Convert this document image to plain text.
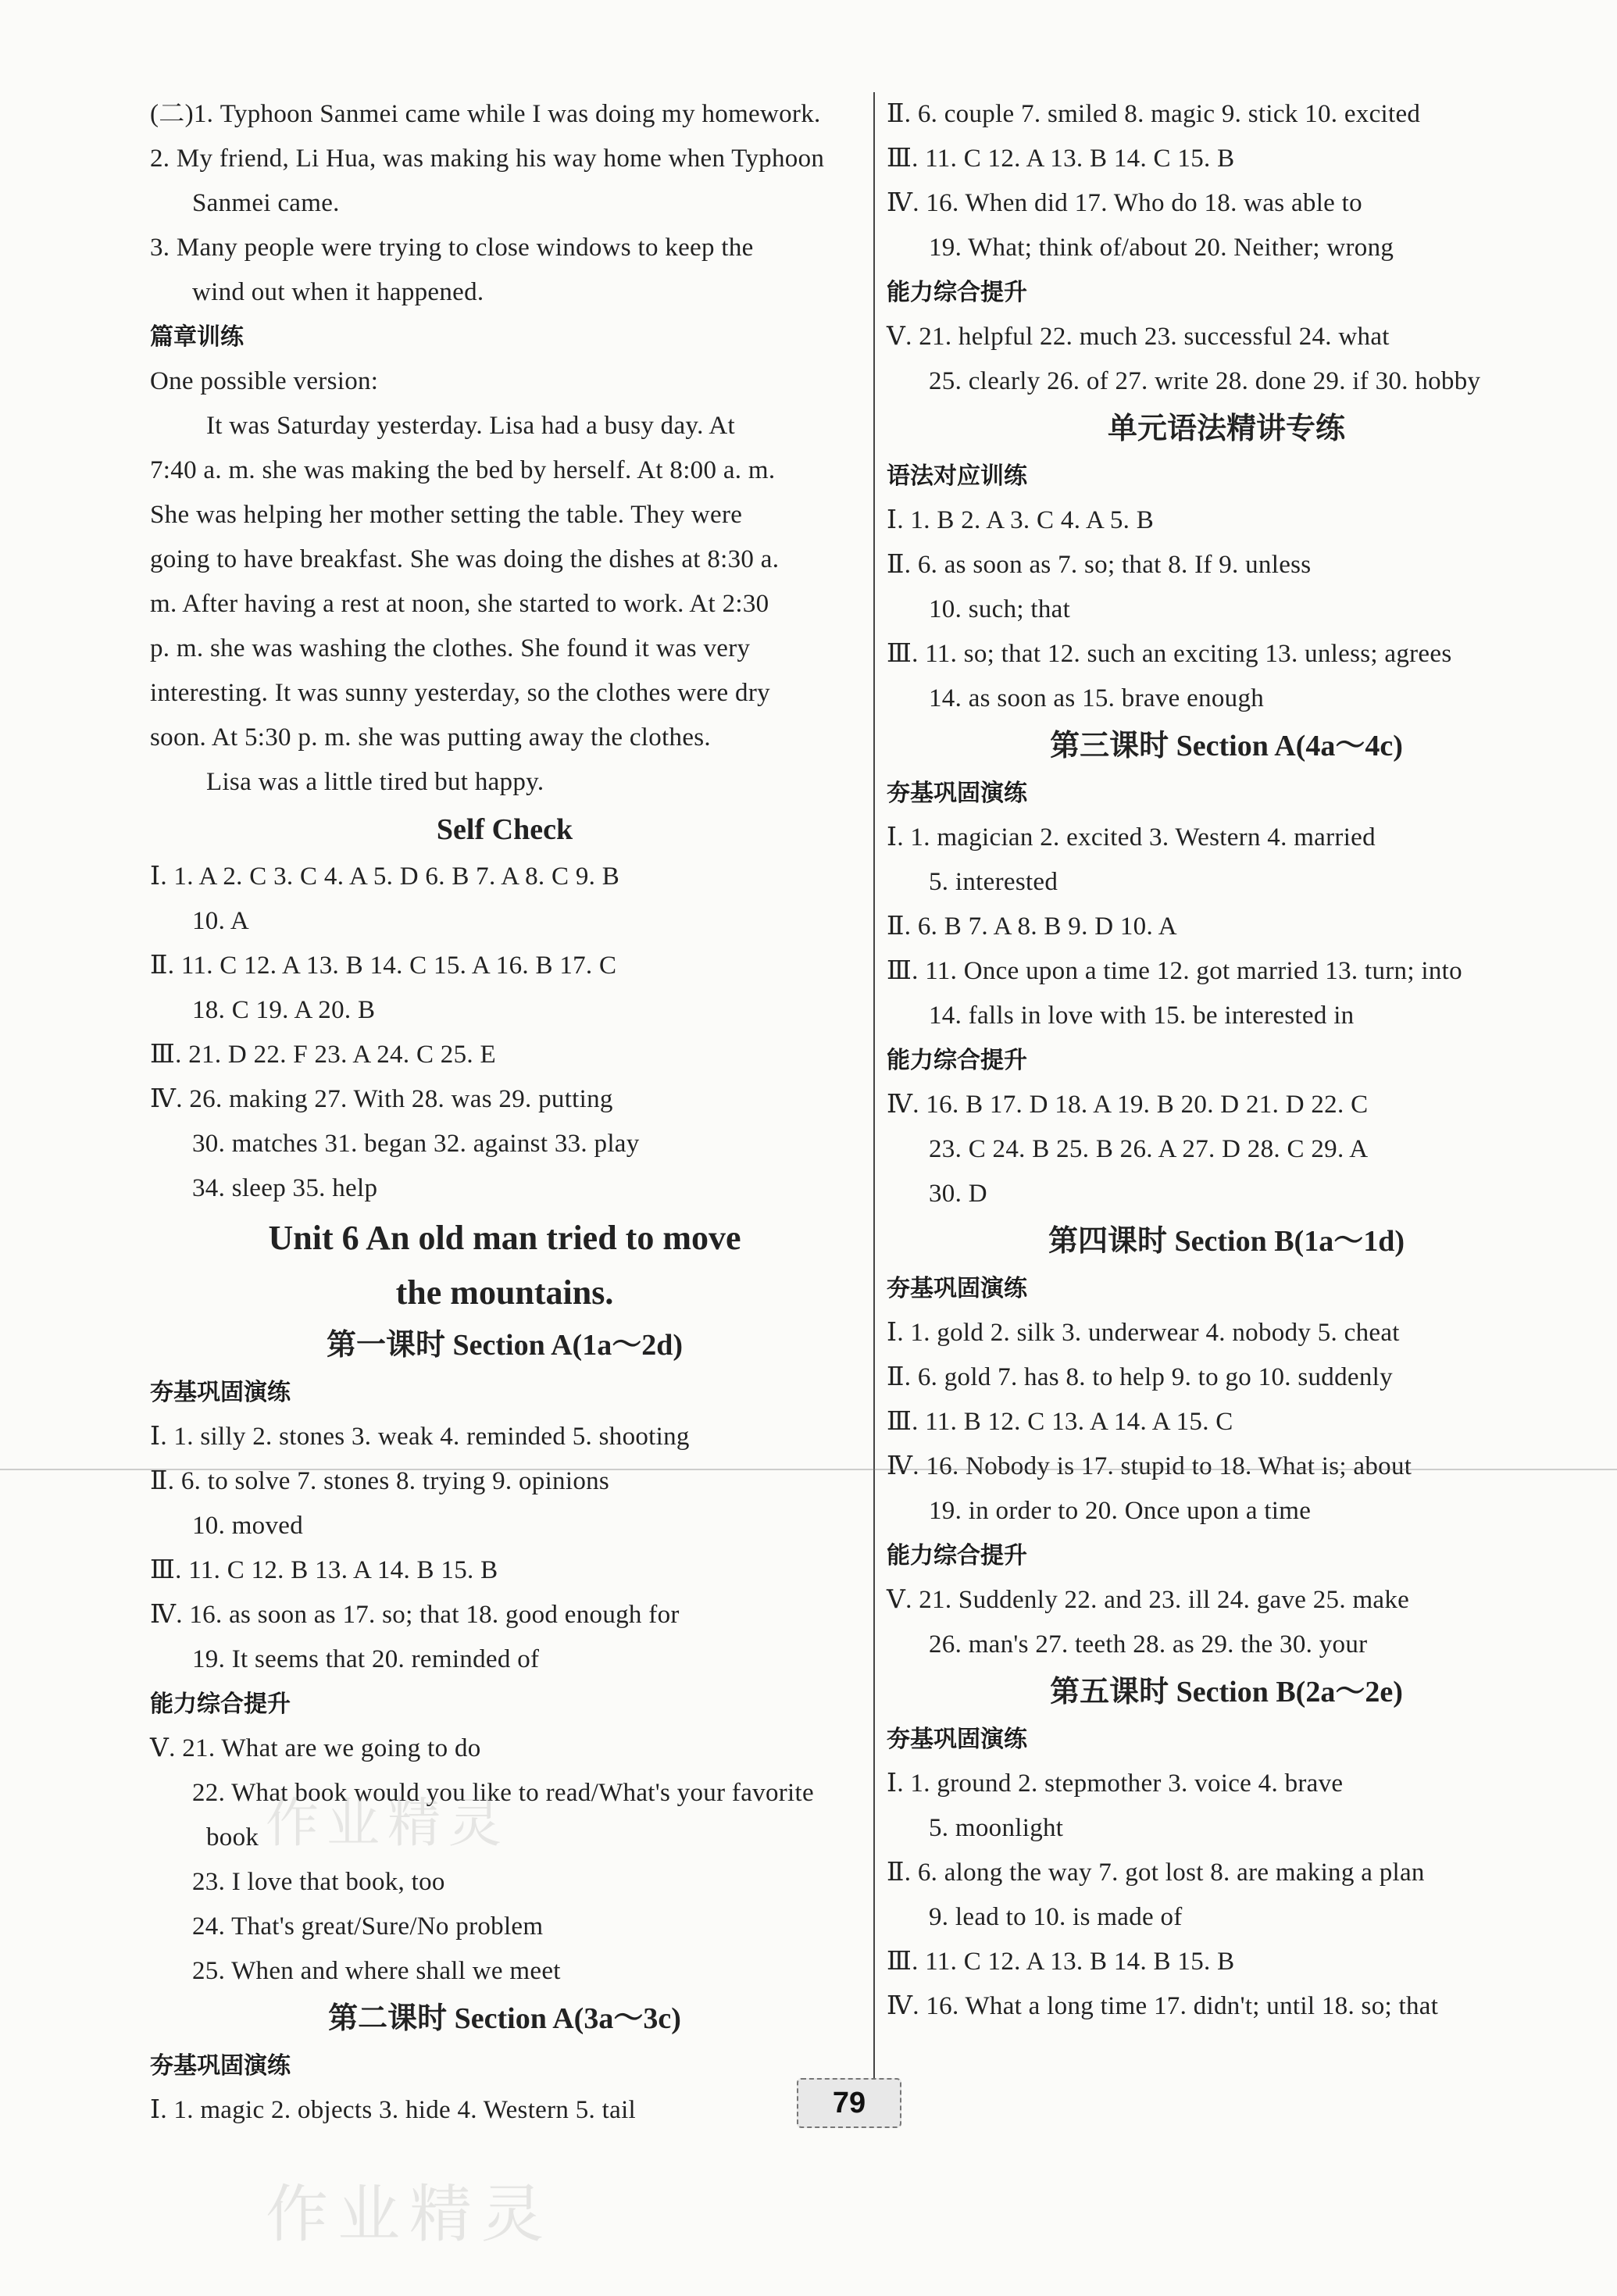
(二)1. Typhoon Sanmei came while I was doing my homework.
2. My friend, Li Hua, was making his way home when Typhoon
Sanmei came.
3. Many people were trying to close windows to keep the
wind out when it happened.
篇章训练
One possible version:
It was Saturday yesterday. Lisa had a busy day. At
7:40 a. m. she was making the bed by herself. At 8:00 a. m.
She was helping her mother setting the table. They were
going to have breakfast. She was doing the dishes at 8:30 a.
m. After having a rest at noon, she started to work. At 2:30
p. m. she was washing the clothes. She found it was very
interesting. It was sunny yesterday, so the clothes were dry
soon. At 5:30 p. m. she was putting away the clothes.
Lisa was a little tired but happy.
Self Check
Ⅰ. 1. A 2. C 3. C 4. A 5. D 6. B 7. A 8. C 9. B
10. A
Ⅱ. 11. C 12. A 13. B 14. C 15. A 16. B 17. C
18. C 19. A 20. B
Ⅲ. 21. D 22. F 23. A 24. C 25. E
Ⅳ. 26. making 27. With 28. was 29. putting
30. matches 31. began 32. against 33. play
34. sleep 35. help
Unit 6 An old man tried to move
the mountains.
第一课时 Section A(1a～2d)
夯基巩固演练
Ⅰ. 1. silly 2. stones 3. weak 4. reminded 5. shooting
Ⅱ. 6. to solve 7. stones 8. trying 9. opinions
10. moved
Ⅲ. 11. C 12. B 13. A 14. B 15. B
Ⅳ. 16. as soon as 17. so; that 18. good enough for
19. It seems that 20. reminded of
能力综合提升
Ⅴ. 21. What are we going to do
22. What book would you like to read/What's your favorite
book
23. I love that book, too
24. That's great/Sure/No problem
25. When and where shall we meet
第二课时 Section A(3a～3c)
夯基巩固演练
Ⅰ. 1. magic 2. objects 3. hide 4. Western 5. tail
Ⅱ. 6. couple 7. smiled 8. magic 9. stick 10. excited
Ⅲ. 11. C 12. A 13. B 14. C 15. B
Ⅳ. 16. When did 17. Who do 18. was able to
19. What; think of/about 20. Neither; wrong
能力综合提升
Ⅴ. 21. helpful 22. much 23. successful 24. what
25. clearly 26. of 27. write 28. done 29. if 30. hobby
单元语法精讲专练
语法对应训练
Ⅰ. 1. B 2. A 3. C 4. A 5. B
Ⅱ. 6. as soon as 7. so; that 8. If 9. unless
10. such; that
Ⅲ. 11. so; that 12. such an exciting 13. unless; agrees
14. as soon as 15. brave enough
第三课时 Section A(4a～4c)
夯基巩固演练
Ⅰ. 1. magician 2. excited 3. Western 4. married
5. interested
Ⅱ. 6. B 7. A 8. B 9. D 10. A
Ⅲ. 11. Once upon a time 12. got married 13. turn; into
14. falls in love with 15. be interested in
能力综合提升
Ⅳ. 16. B 17. D 18. A 19. B 20. D 21. D 22. C
23. C 24. B 25. B 26. A 27. D 28. C 29. A
30. D
第四课时 Section B(1a～1d)
夯基巩固演练
Ⅰ. 1. gold 2. silk 3. underwear 4. nobody 5. cheat
Ⅱ. 6. gold 7. has 8. to help 9. to go 10. suddenly
Ⅲ. 11. B 12. C 13. A 14. A 15. C
Ⅳ. 16. Nobody is 17. stupid to 18. What is; about
19. in order to 20. Once upon a time
能力综合提升
Ⅴ. 21. Suddenly 22. and 23. ill 24. gave 25. make
26. man's 27. teeth 28. as 29. the 30. your
第五课时 Section B(2a～2e)
夯基巩固演练
Ⅰ. 1. ground 2. stepmother 3. voice 4. brave
5. moonlight
Ⅱ. 6. along the way 7. got lost 8. are making a plan
9. lead to 10. is made of
Ⅲ. 11. C 12. A 13. B 14. B 15. B
Ⅳ. 16. What a long time 17. didn't; until 18. so; that
作业精灵
作业精灵
79
